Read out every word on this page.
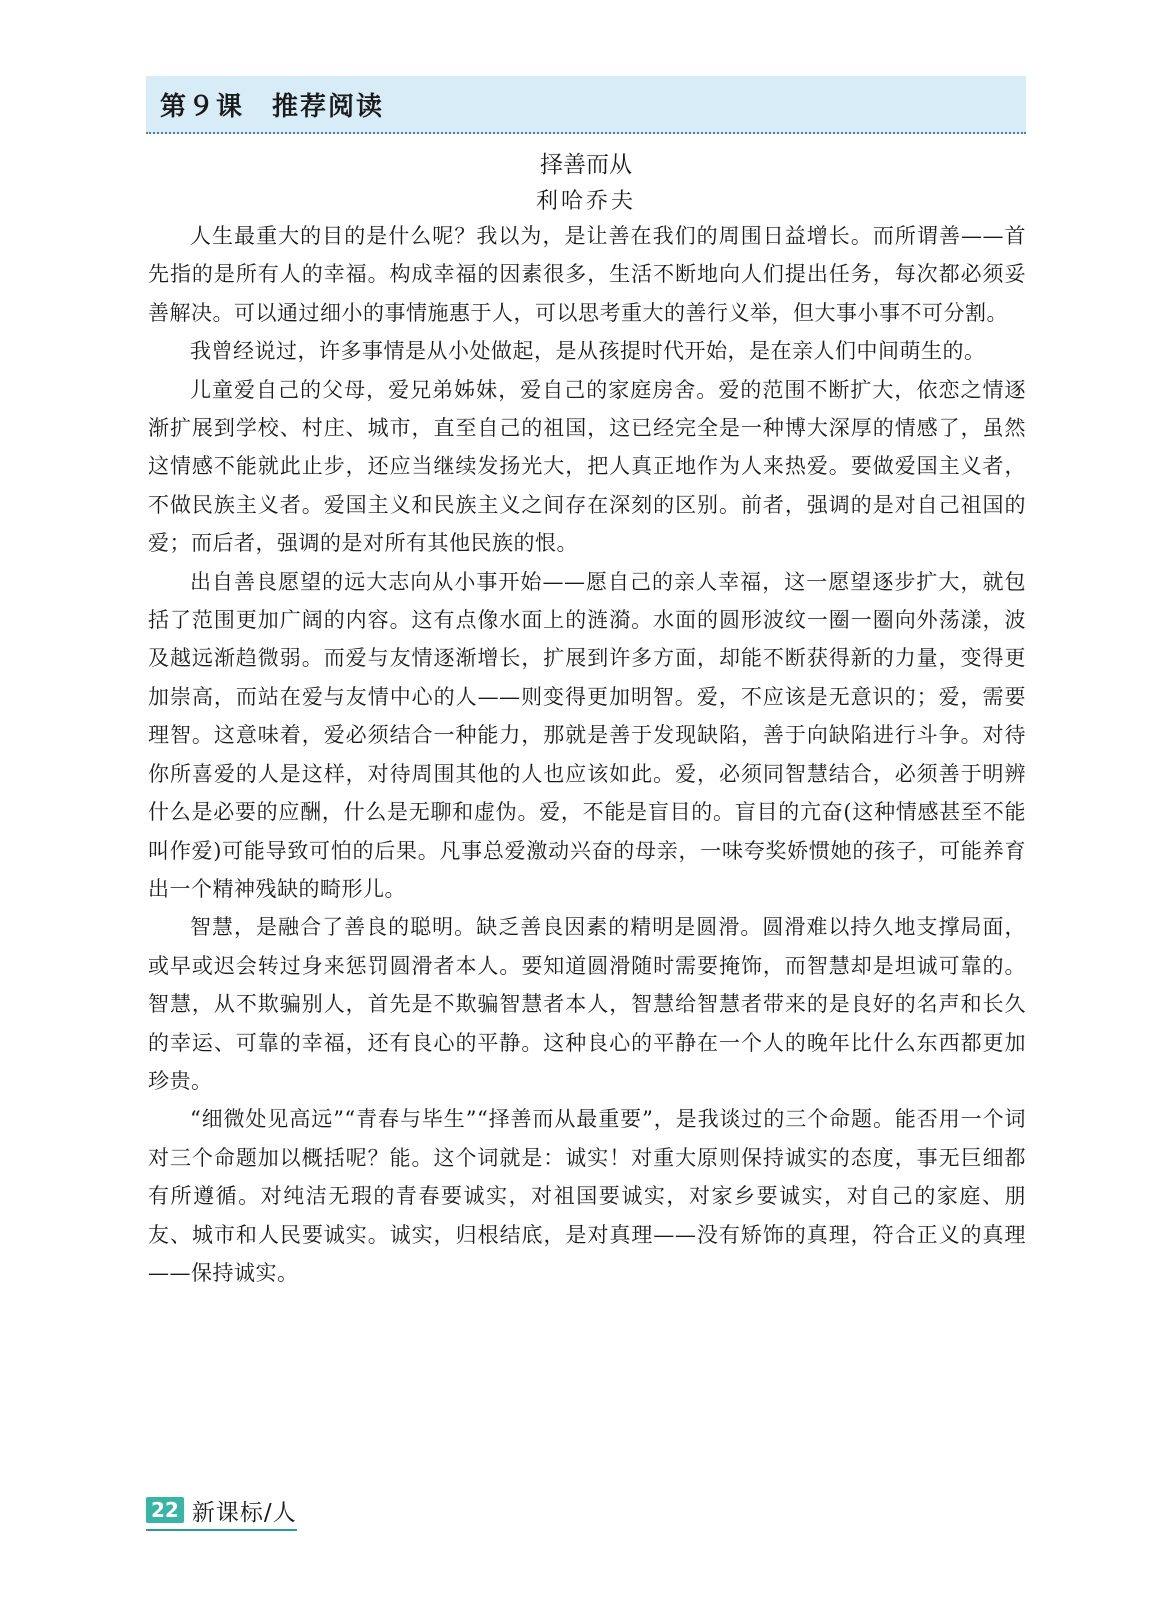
第９课　推荐阅读
择善而从
利哈乔夫

人生最重大的目的是什么呢？我以为，是让善在我们的周围日益增长。而所谓善——首先指的是所有人的幸福。构成幸福的因素很多，生活不断地向人们提出任务，每次都必须妥善解决。可以通过细小的事情施惠于人，可以思考重大的善行义举，但大事小事不可分割。

我曾经说过，许多事情是从小处做起，是从孩提时代开始，是在亲人们中间萌生的。

儿童爱自己的父母，爱兄弟姊妹，爱自己的家庭房舍。爱的范围不断扩大，依恋之情逐渐扩展到学校、村庄、城市，直至自己的祖国，这已经完全是一种博大深厚的情感了，虽然这情感不能就此止步，还应当继续发扬光大，把人真正地作为人来热爱。要做爱国主义者，不做民族主义者。爱国主义和民族主义之间存在深刻的区别。前者，强调的是对自己祖国的爱；而后者，强调的是对所有其他民族的恨。

出自善良愿望的远大志向从小事开始——愿自己的亲人幸福，这一愿望逐步扩大，就包括了范围更加广阔的内容。这有点像水面上的涟漪。水面的圆形波纹一圈一圈向外荡漾，波及越远渐趋微弱。而爱与友情逐渐增长，扩展到许多方面，却能不断获得新的力量，变得更加崇高，而站在爱与友情中心的人——则变得更加明智。爱，不应该是无意识的；爱，需要理智。这意味着，爱必须结合一种能力，那就是善于发现缺陷，善于向缺陷进行斗争。对待你所喜爱的人是这样，对待周围其他的人也应该如此。爱，必须同智慧结合，必须善于明辨什么是必要的应酬，什么是无聊和虚伪。爱，不能是盲目的。盲目的亢奋(这种情感甚至不能叫作爱)可能导致可怕的后果。凡事总爱激动兴奋的母亲，一味夸奖娇惯她的孩子，可能养育出一个精神残缺的畸形儿。

智慧，是融合了善良的聪明。缺乏善良因素的精明是圆滑。圆滑难以持久地支撑局面，或早或迟会转过身来惩罚圆滑者本人。要知道圆滑随时需要掩饰，而智慧却是坦诚可靠的。智慧，从不欺骗别人，首先是不欺骗智慧者本人，智慧给智慧者带来的是良好的名声和长久的幸运、可靠的幸福，还有良心的平静。这种良心的平静在一个人的晚年比什么东西都更加珍贵。

“细微处见高远”“青春与毕生”“择善而从最重要”，是我谈过的三个命题。能否用一个词对三个命题加以概括呢？能。这个词就是：诚实！对重大原则保持诚实的态度，事无巨细都有所遵循。对纯洁无瑕的青春要诚实，对祖国要诚实，对家乡要诚实，对自己的家庭、朋友、城市和人民要诚实。诚实，归根结底，是对真理——没有矫饰的真理，符合正义的真理——保持诚实。

22 新课标/人
